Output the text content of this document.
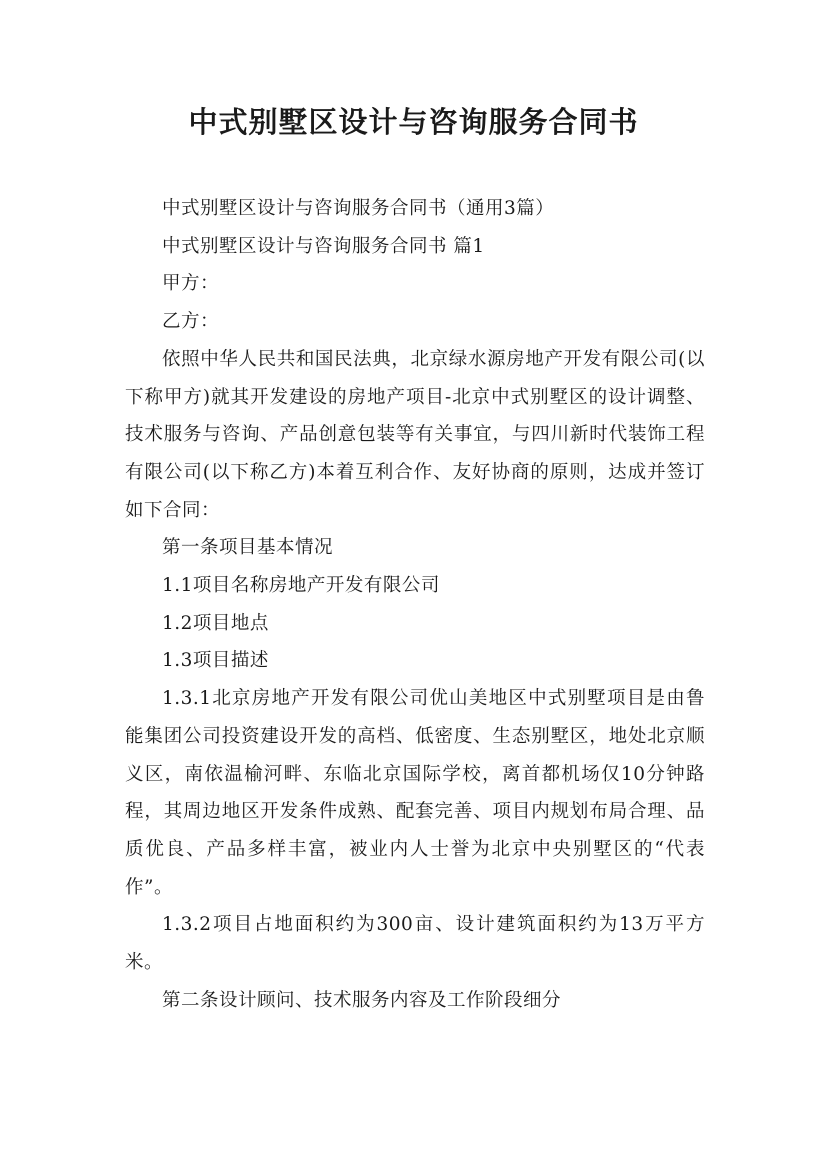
中式别墅区设计与咨询服务合同书

中式别墅区设计与咨询服务合同书（通用3篇）

中式别墅区设计与咨询服务合同书 篇1

甲方：

乙方：

依照中华人民共和国民法典，北京绿水源房地产开发有限公司(以下称甲方)就其开发建设的房地产项目-北京中式别墅区的设计调整、技术服务与咨询、产品创意包装等有关事宜，与四川新时代装饰工程有限公司(以下称乙方)本着互利合作、友好协商的原则，达成并签订如下合同：

第一条项目基本情况

1.1项目名称房地产开发有限公司

1.2项目地点

1.3项目描述

1.3.1北京房地产开发有限公司优山美地区中式别墅项目是由鲁能集团公司投资建设开发的高档、低密度、生态别墅区，地处北京顺义区，南依温榆河畔、东临北京国际学校，离首都机场仅10分钟路程，其周边地区开发条件成熟、配套完善、项目内规划布局合理、品质优良、产品多样丰富，被业内人士誉为北京中央别墅区的“代表作”。

1.3.2项目占地面积约为300亩、设计建筑面积约为13万平方米。

第二条设计顾问、技术服务内容及工作阶段细分
